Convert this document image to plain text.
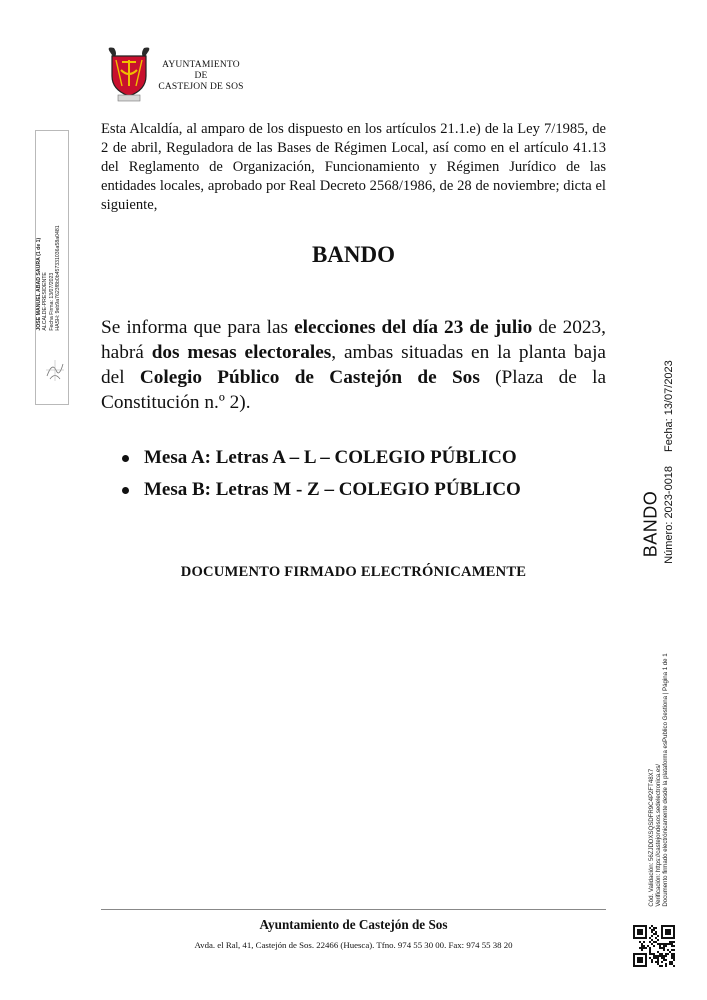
AYUNTAMIENTO
DE
CASTEJON DE SOS
JOSE MANUEL ABAD SAURA (1 de 1) ALCALDE-PRESIDENTE Fecha Firma: 13/07/2023 HASH: 9eb9a7623f8b0b457331036a58a0481
Esta Alcaldía, al amparo de los dispuesto en los artículos 21.1.e) de la Ley 7/1985, de 2 de abril, Reguladora de las Bases de Régimen Local, así como en el artículo 41.13 del Reglamento de Organización, Funcionamiento y Régimen Jurídico de las entidades locales, aprobado por Real Decreto 2568/1986, de 28 de noviembre; dicta el siguiente,
BANDO
Se informa que para las elecciones del día 23 de julio de 2023, habrá dos mesas electorales, ambas situadas en la planta baja del Colegio Público de Castejón de Sos (Plaza de la Constitución n.º 2).
Mesa A: Letras A – L – COLEGIO PÚBLICO
Mesa B: Letras M - Z – COLEGIO PÚBLICO
DOCUMENTO FIRMADO ELECTRÓNICAMENTE
BANDO Número: 2023-0018Fecha: 13/07/2023
Cód. Validación: 56ZJDDXSQSDFR9C4P2FT48X7 Verificación: https://castejondesos.sedelectronica.es/ Documento firmado electrónicamente desde la plataforma esPublico Gestiona | Página 1 de 1
Ayuntamiento de Castejón de Sos
Avda. el Ral, 41, Castejón de Sos. 22466 (Huesca). Tfno. 974 55 30 00. Fax: 974 55 38 20
